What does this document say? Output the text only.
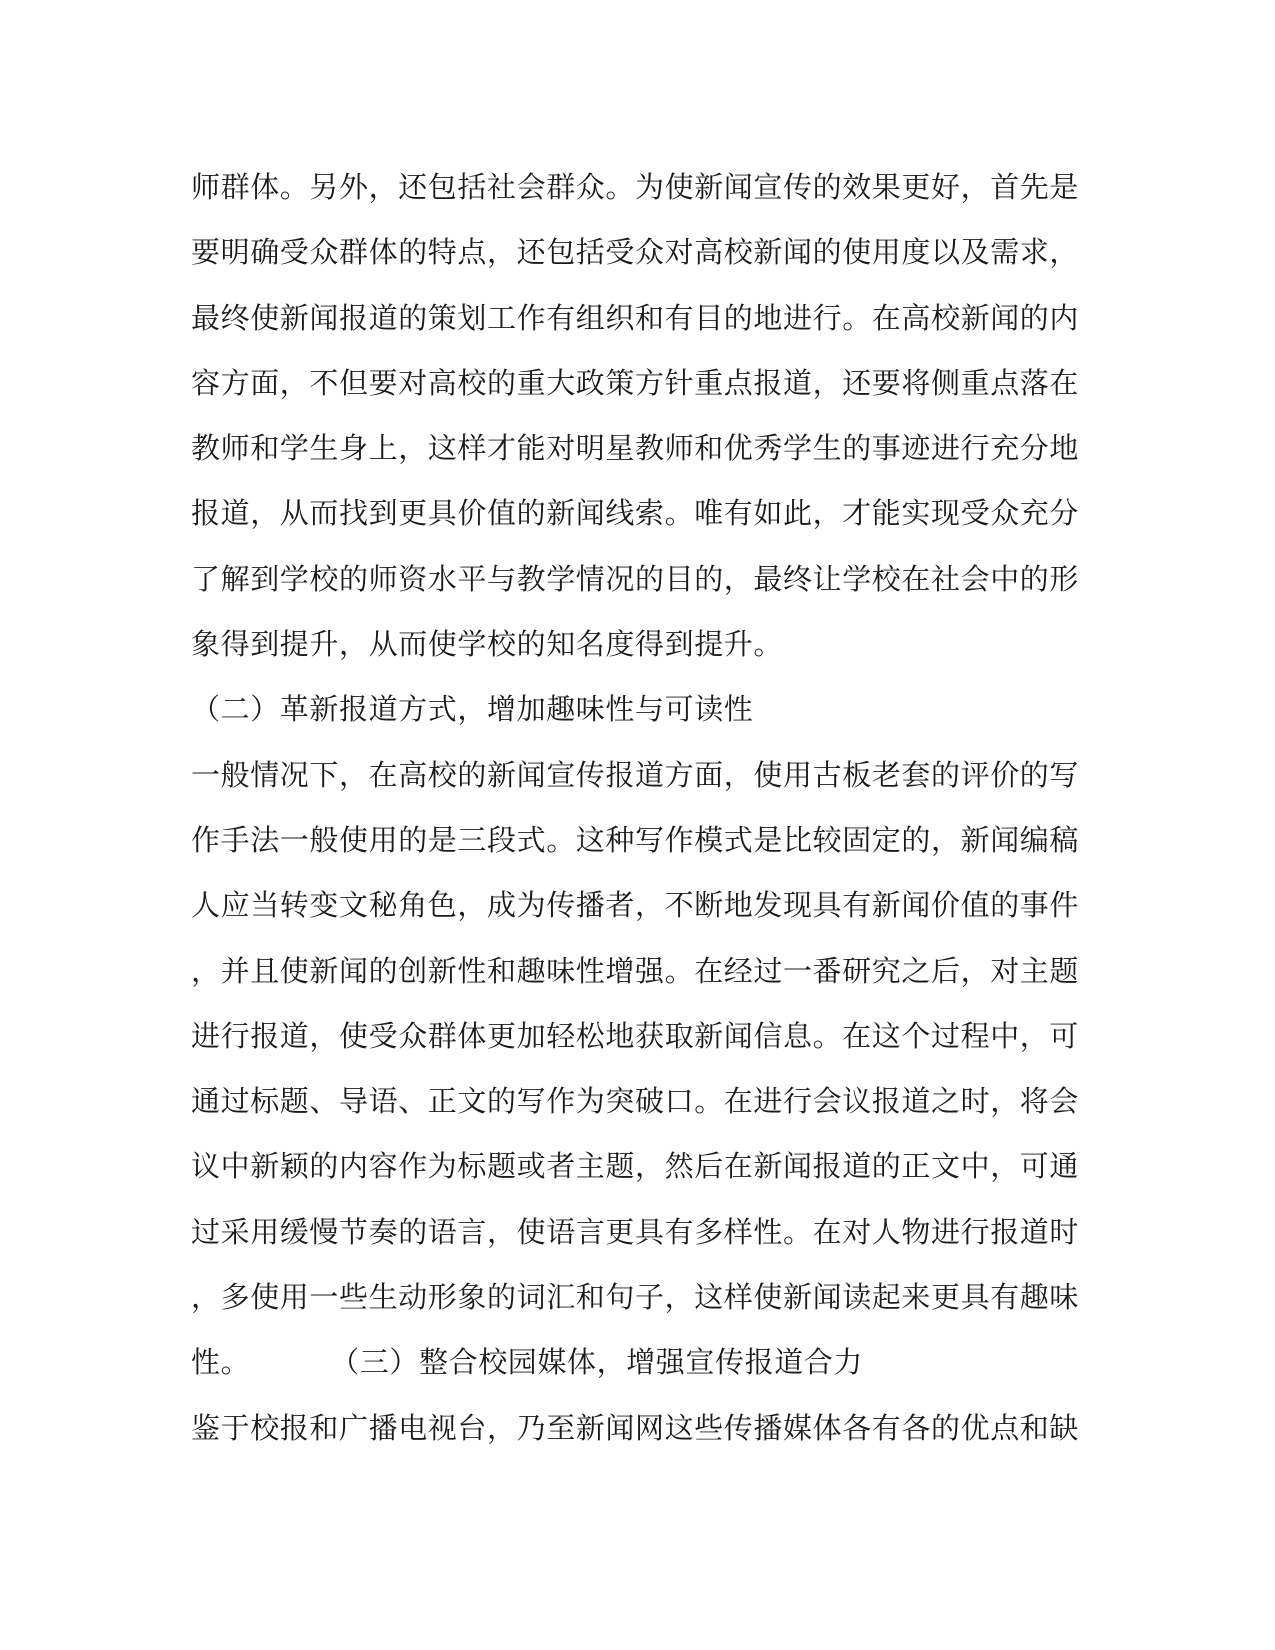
师群体。另外，还包括社会群众。为使新闻宣传的效果更好，首先是
要明确受众群体的特点，还包括受众对高校新闻的使用度以及需求，
最终使新闻报道的策划工作有组织和有目的地进行。在高校新闻的内
容方面，不但要对高校的重大政策方针重点报道，还要将侧重点落在
教师和学生身上，这样才能对明星教师和优秀学生的事迹进行充分地
报道，从而找到更具价值的新闻线索。唯有如此，才能实现受众充分
了解到学校的师资水平与教学情况的目的，最终让学校在社会中的形
象得到提升，从而使学校的知名度得到提升。
（二）革新报道方式，增加趣味性与可读性
一般情况下，在高校的新闻宣传报道方面，使用古板老套的评价的写
作手法一般使用的是三段式。这种写作模式是比较固定的，新闻编稿
人应当转变文秘角色，成为传播者，不断地发现具有新闻价值的事件
，并且使新闻的创新性和趣味性增强。在经过一番研究之后，对主题
进行报道，使受众群体更加轻松地获取新闻信息。在这个过程中，可
通过标题、导语、正文的写作为突破口。在进行会议报道之时，将会
议中新颖的内容作为标题或者主题，然后在新闻报道的正文中，可通
过采用缓慢节奏的语言，使语言更具有多样性。在对人物进行报道时
，多使用一些生动形象的词汇和句子，这样使新闻读起来更具有趣味
性。	（三）整合校园媒体，增强宣传报道合力
鉴于校报和广播电视台，乃至新闻网这些传播媒体各有各的优点和缺
